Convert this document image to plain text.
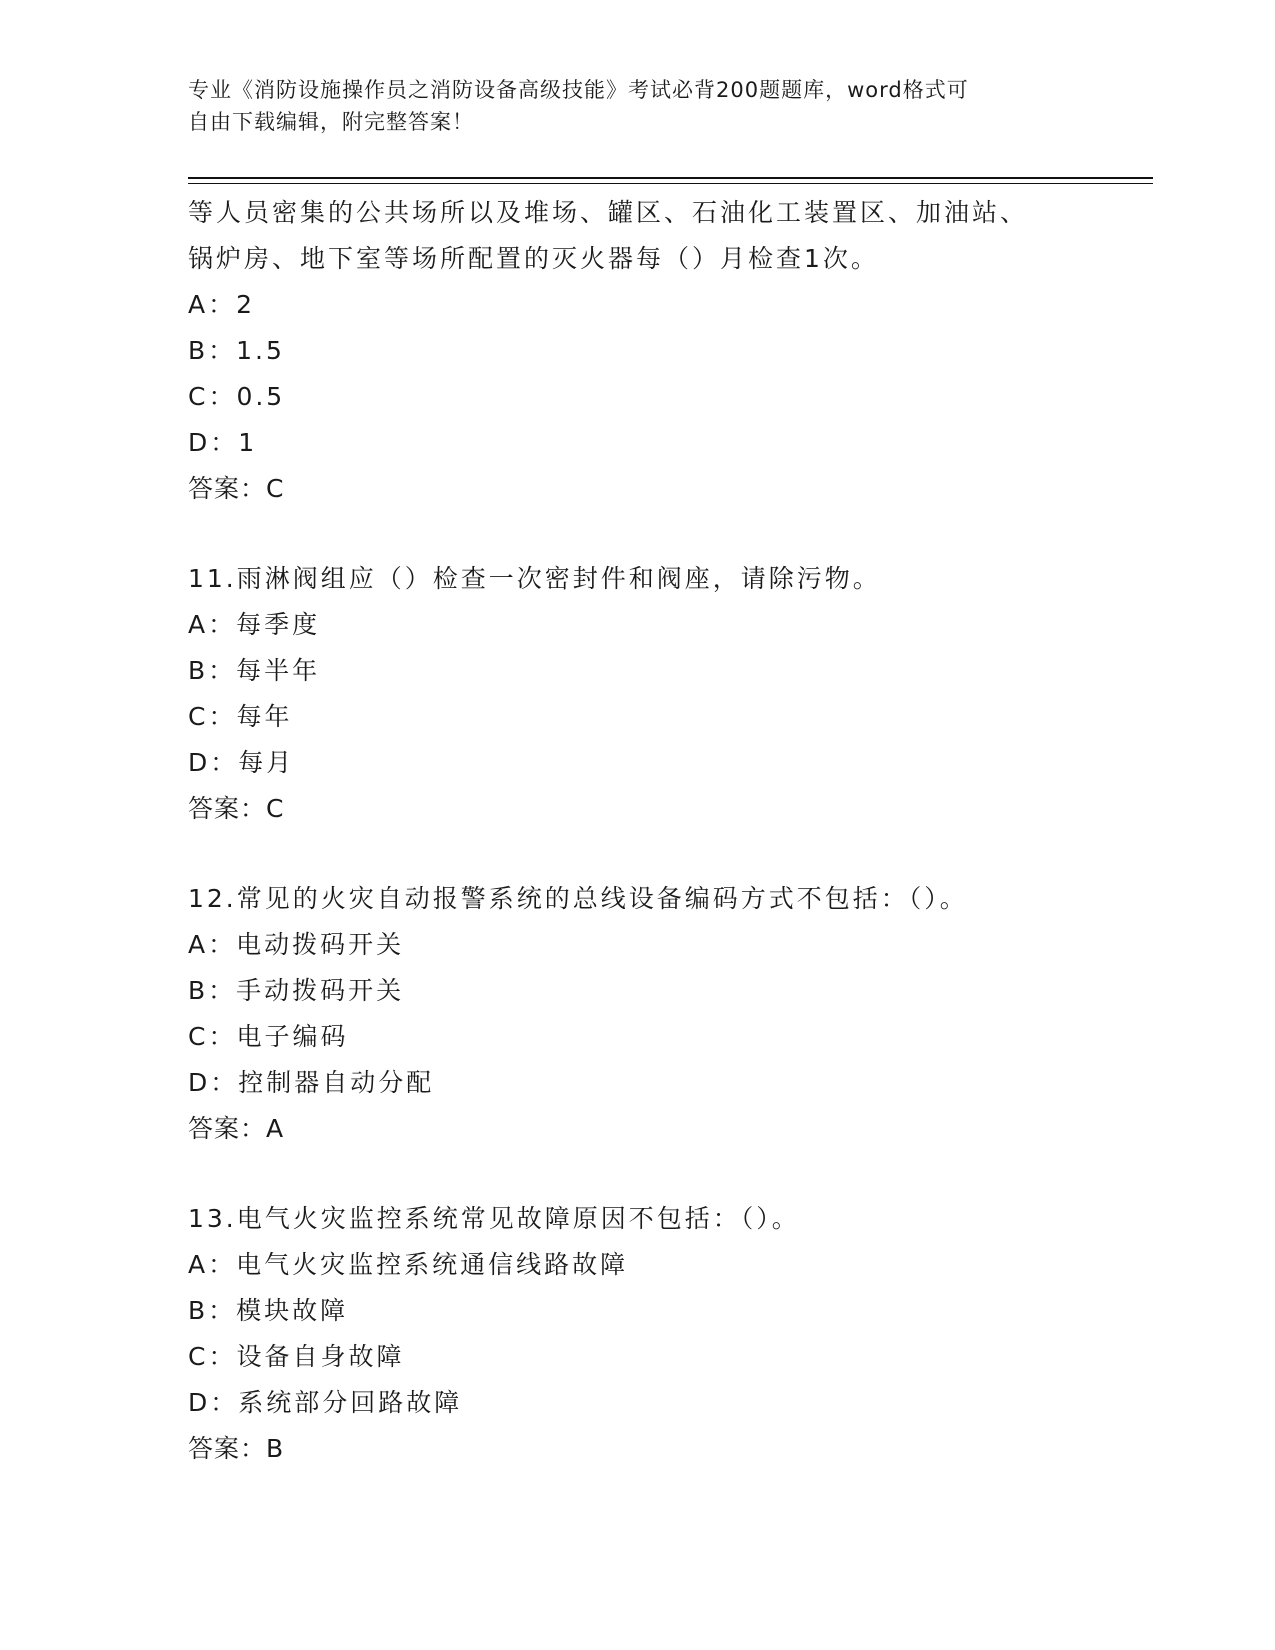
专业《消防设施操作员之消防设备高级技能》考试必背200题题库，word格式可
自由下载编辑，附完整答案！
等人员密集的公共场所以及堆场、罐区、石油化工装置区、加油站、
锅炉房、地下室等场所配置的灭火器每（）月检查1次。
A：2
B：1.5
C：0.5
D：1
答案：C
11.雨淋阀组应（）检查一次密封件和阀座，请除污物。
A：每季度
B：每半年
C：每年
D：每月
答案：C
12.常见的火灾自动报警系统的总线设备编码方式不包括：（）。
A：电动拨码开关
B：手动拨码开关
C：电子编码
D：控制器自动分配
答案：A
13.电气火灾监控系统常见故障原因不包括：（）。
A：电气火灾监控系统通信线路故障
B：模块故障
C：设备自身故障
D：系统部分回路故障
答案：B
